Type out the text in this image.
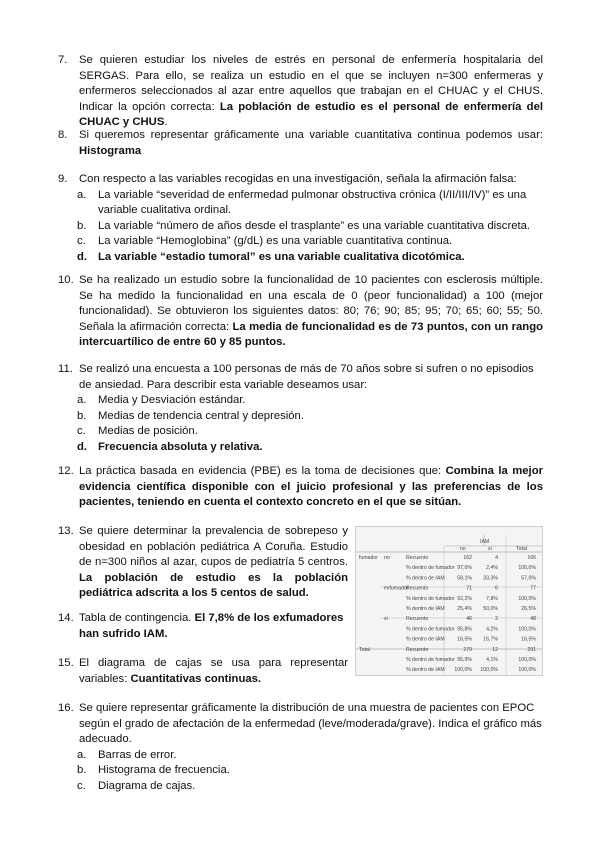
7.	Se quieren estudiar los niveles de estrés en personal de enfermería hospitalaria del SERGAS. Para ello, se realiza un estudio en el que se incluyen n=300 enfermeras y enfermeros seleccionados al azar entre aquellos que trabajan en el CHUAC y el CHUS. Indicar la opción correcta: La población de estudio es el personal de enfermería del CHUAC y CHUS.
8.	Si queremos representar gráficamente una variable cuantitativa continua podemos usar: Histograma
9.	Con respecto a las variables recogidas en una investigación, señala la afirmación falsa:
a. La variable “severidad de enfermedad pulmonar obstructiva crónica (I/II/III/IV)” es una variable cualitativa ordinal.
b. La variable “número de años desde el trasplante” es una variable cuantitativa discreta.
c. La variable “Hemoglobina” (g/dL) es una variable cuantitativa continua.
d. La variable “estadio tumoral” es una variable cualitativa dicotómica.
10. Se ha realizado un estudio sobre la funcionalidad de 10 pacientes con esclerosis múltiple. Se ha medido la funcionalidad en una escala de 0 (peor funcionalidad) a 100 (mejor funcionalidad). Se obtuvieron los siguientes datos: 80; 76; 90; 85; 95; 70; 65; 60; 55; 50. Señala la afirmación correcta: La media de funcionalidad es de 73 puntos, con un rango intercuartílico de entre 60 y 85 puntos.
11. Se realizó una encuesta a 100 personas de más de 70 años sobre si sufren o no episodios de ansiedad. Para describir esta variable deseamos usar:
a. Media y Desviación estándar.
b. Medias de tendencia central y depresión.
c. Medias de posición.
d. Frecuencia absoluta y relativa.
12. La práctica basada en evidencia (PBE) es la toma de decisiones que: Combina la mejor evidencia científica disponible con el juicio profesional y las preferencias de los pacientes, teniendo en cuenta el contexto concreto en el que se sitúan.
13. Se quiere determinar la prevalencia de sobrepeso y obesidad en población pediátrica A Coruña. Estudio de n=300 niños al azar, cupos de pediatría 5 centros. La población de estudio es la población pediátrica adscrita a los 5 centos de salud.
14. Tabla de contingencia. El 7,8% de los exfumadores han sufrido IAM.
15. El diagrama de cajas se usa para representar variables: Cuantitativas continuas.
16. Se quiere representar gráficamente la distribución de una muestra de pacientes con EPOC según el grado de afectación de la enfermedad (leve/moderada/grave). Indica el gráfico más adecuado.
a. Barras de error.
b. Histograma de frecuencia.
c. Diagrama de cajas.
IAM
no	si	Total
fumador no	Recuento	162	4	166
% dentro de fumador 97,6%	2,4%	100,0%
% dentro de IAM 58,1% 33,3%	57,0%
exfumador
Recuento	71	6	77
% dentro de fumador 92,2%	7,8%	100,0%
% dentro de IAM 25,4% 50,0%	26,5%
si	Recuento	46	2	48
% dentro de fumador 95,8%	4,2%	100,0%
% dentro de IAM 16,5% 16,7%	16,5%
Total	Recuento	279	12	291
% dentro de fumador 95,9%	4,1%	100,0%
% dentro de IAM 100,0% 100,0%	100,0%
